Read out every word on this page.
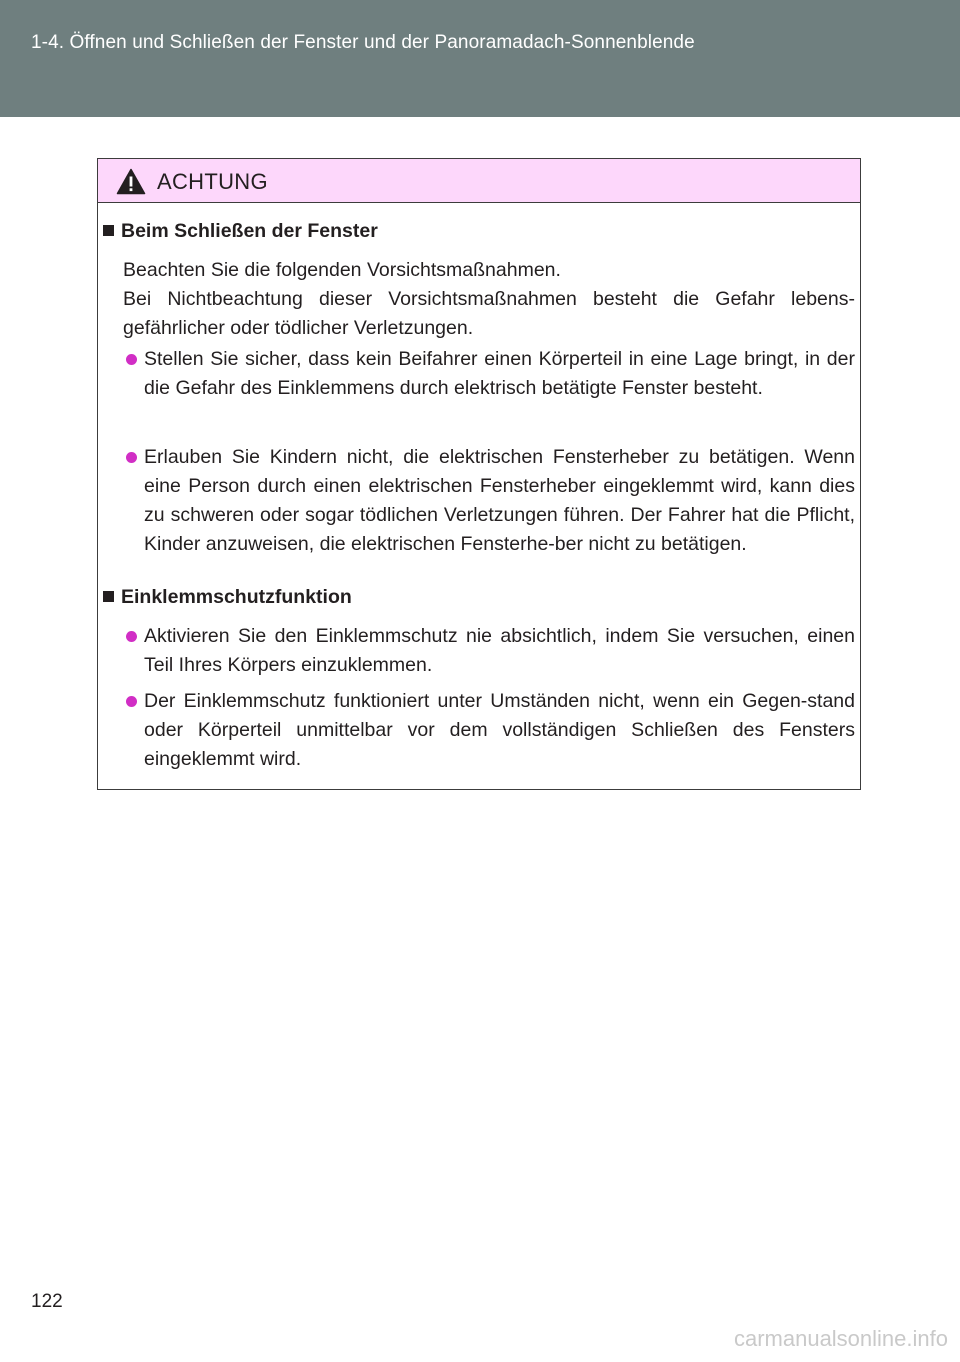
1-4. Öffnen und Schließen der Fenster und der Panoramadach-Sonnenblende
ACHTUNG
Beim Schließen der Fenster
Beachten Sie die folgenden Vorsichtsmaßnahmen.
Bei Nichtbeachtung dieser Vorsichtsmaßnahmen besteht die Gefahr lebens-gefährlicher oder tödlicher Verletzungen.
Stellen Sie sicher, dass kein Beifahrer einen Körperteil in eine Lage bringt, in der die Gefahr des Einklemmens durch elektrisch betätigte Fenster besteht.
Erlauben Sie Kindern nicht, die elektrischen Fensterheber zu betätigen. Wenn eine Person durch einen elektrischen Fensterheber eingeklemmt wird, kann dies zu schweren oder sogar tödlichen Verletzungen führen. Der Fahrer hat die Pflicht, Kinder anzuweisen, die elektrischen Fensterhe-ber nicht zu betätigen.
Einklemmschutzfunktion
Aktivieren Sie den Einklemmschutz nie absichtlich, indem Sie versuchen, einen Teil Ihres Körpers einzuklemmen.
Der Einklemmschutz funktioniert unter Umständen nicht, wenn ein Gegen-stand oder Körperteil unmittelbar vor dem vollständigen Schließen des Fensters eingeklemmt wird.
122
carmanualsonline.info
